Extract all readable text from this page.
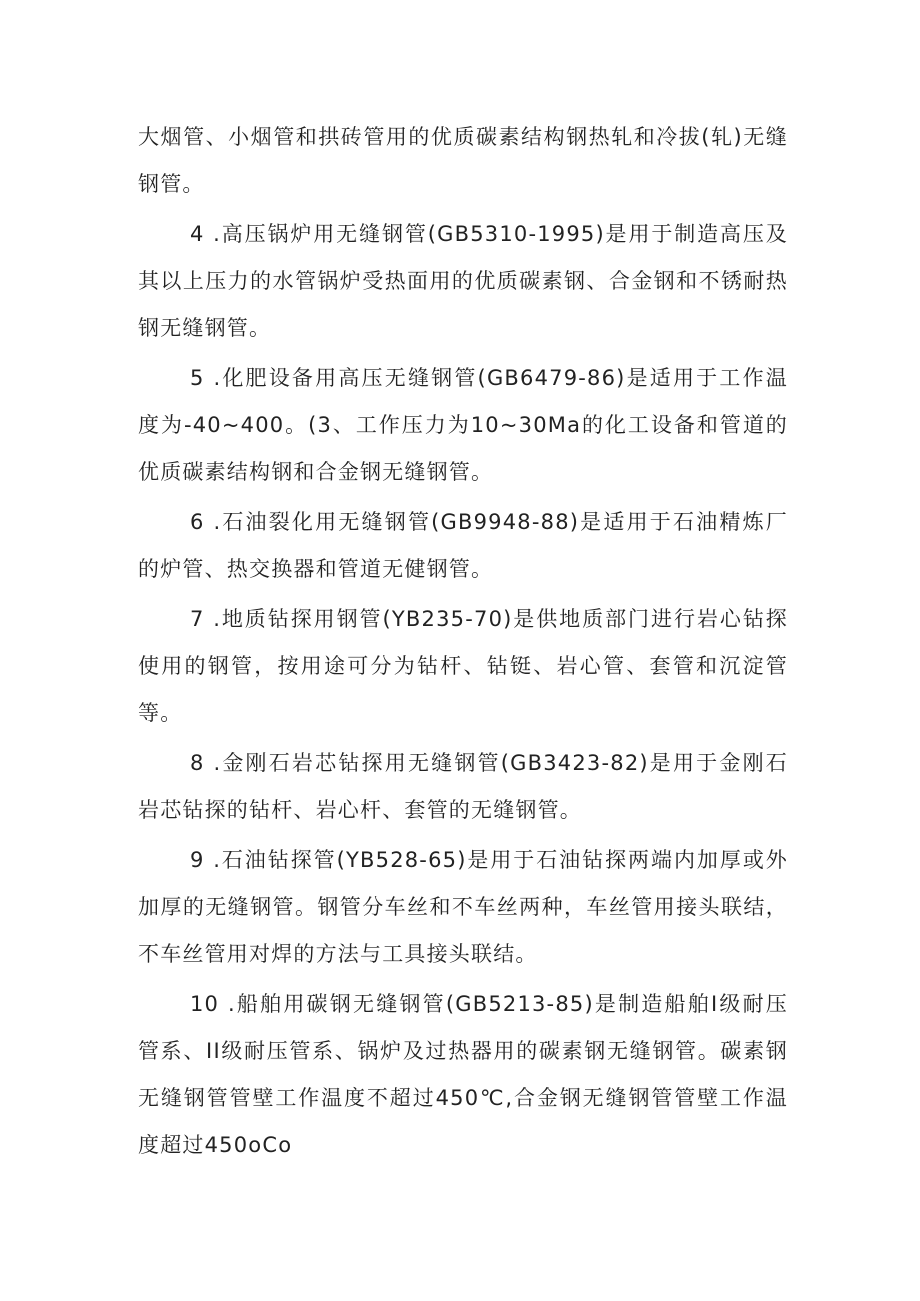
大烟管、小烟管和拱砖管用的优质碳素结构钢热轧和冷拔(轧)无缝钢管。

4 .高压锅炉用无缝钢管(GB5310-1995)是用于制造高压及其以上压力的水管锅炉受热面用的优质碳素钢、合金钢和不锈耐热钢无缝钢管。

5 .化肥设备用高压无缝钢管(GB6479-86)是适用于工作温度为-40~400。(3、工作压力为10~30Ma的化工设备和管道的优质碳素结构钢和合金钢无缝钢管。

6 .石油裂化用无缝钢管(GB9948-88)是适用于石油精炼厂的炉管、热交换器和管道无健钢管。

7 .地质钻探用钢管(YB235-70)是供地质部门进行岩心钻探使用的钢管，按用途可分为钻杆、钻铤、岩心管、套管和沉淀管等。

8 .金刚石岩芯钻探用无缝钢管(GB3423-82)是用于金刚石岩芯钻探的钻杆、岩心杆、套管的无缝钢管。

9 .石油钻探管(YB528-65)是用于石油钻探两端内加厚或外加厚的无缝钢管。钢管分车丝和不车丝两种，车丝管用接头联结，不车丝管用对焊的方法与工具接头联结。

10 .船舶用碳钢无缝钢管(GB5213-85)是制造船舶I级耐压管系、II级耐压管系、锅炉及过热器用的碳素钢无缝钢管。碳素钢无缝钢管管壁工作温度不超过450℃,合金钢无缝钢管管壁工作温度超过450oCo
